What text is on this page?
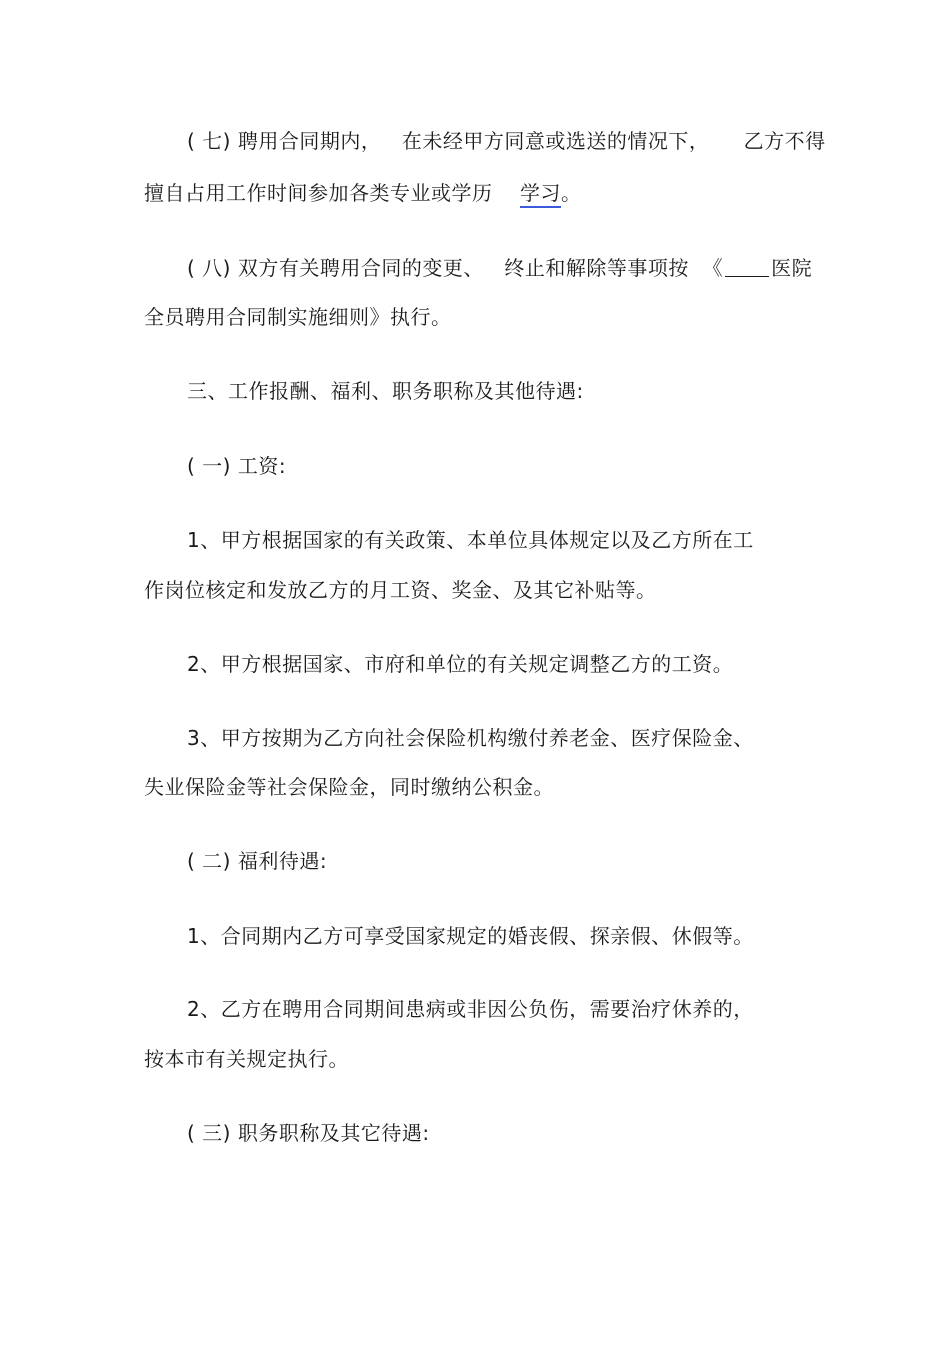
( 七) 聘用合同期内，   在未经甲方同意或选送的情况下，     乙方不得
擅自占用工作时间参加各类专业或学历    学习。
( 八) 双方有关聘用合同的变更、   终止和解除等事项按  《 医院
全员聘用合同制实施细则》执行。
三、工作报酬、福利、职务职称及其他待遇:
( 一) 工资:
1、甲方根据国家的有关政策、本单位具体规定以及乙方所在工
作岗位核定和发放乙方的月工资、奖金、及其它补贴等。
2、甲方根据国家、市府和单位的有关规定调整乙方的工资。
3、甲方按期为乙方向社会保险机构缴付养老金、医疗保险金、
失业保险金等社会保险金，同时缴纳公积金。
( 二) 福利待遇:
1、合同期内乙方可享受国家规定的婚丧假、探亲假、休假等。
2、乙方在聘用合同期间患病或非因公负伤，需要治疗休养的，
按本市有关规定执行。
( 三) 职务职称及其它待遇:
